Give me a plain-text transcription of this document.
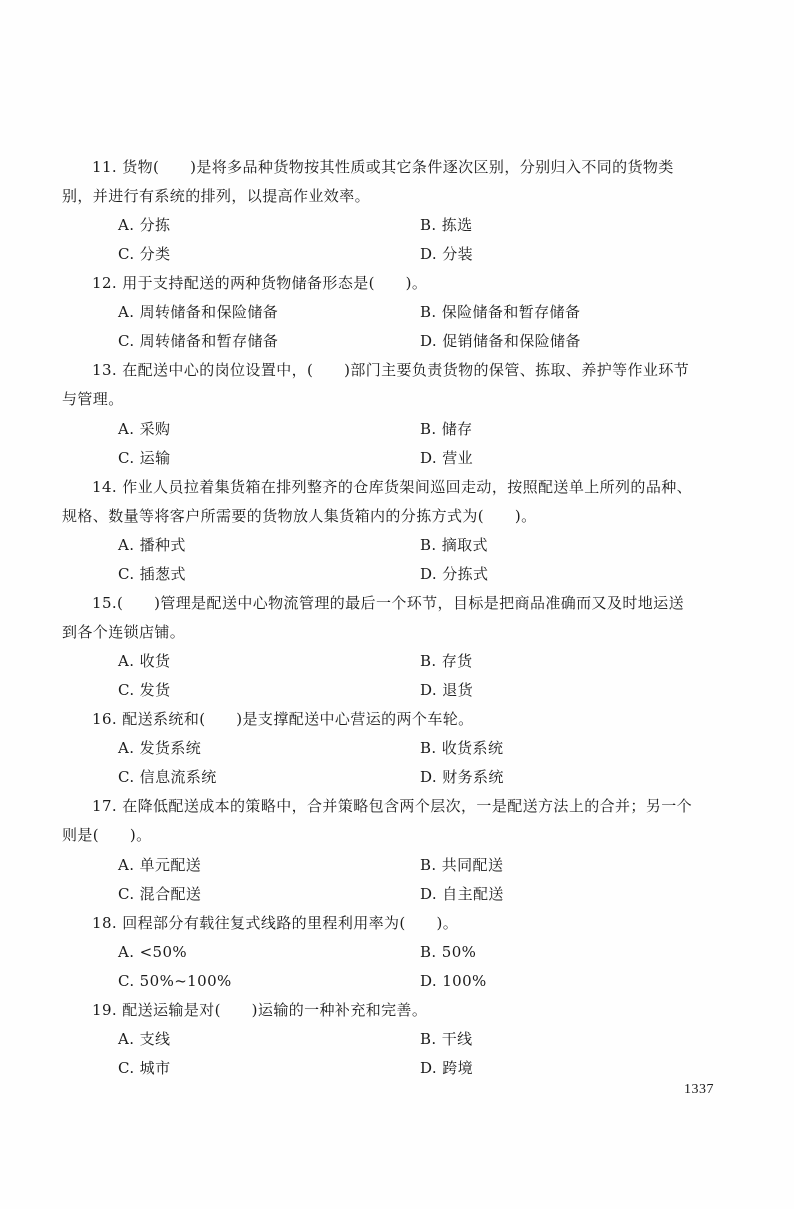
11. 货物(　　)是将多品种货物按其性质或其它条件逐次区别，分别归入不同的货物类
别，并进行有系统的排列，以提高作业效率。
A. 分拣	B. 拣选
C. 分类	D. 分装
12. 用于支持配送的两种货物储备形态是(　　)。
A. 周转储备和保险储备	B. 保险储备和暂存储备
C. 周转储备和暂存储备	D. 促销储备和保险储备
13. 在配送中心的岗位设置中，(　　)部门主要负责货物的保管、拣取、养护等作业环节
与管理。
A. 采购	B. 储存
C. 运输	D. 营业
14. 作业人员拉着集货箱在排列整齐的仓库货架间巡回走动，按照配送单上所列的品种、
规格、数量等将客户所需要的货物放人集货箱内的分拣方式为(　　)。
A. 播种式	B. 摘取式
C. 插葱式	D. 分拣式
15.(　　)管理是配送中心物流管理的最后一个环节，目标是把商品准确而又及时地运送
到各个连锁店铺。
A. 收货	B. 存货
C. 发货	D. 退货
16. 配送系统和(　　)是支撑配送中心营运的两个车轮。
A. 发货系统	B. 收货系统
C. 信息流系统	D. 财务系统
17. 在降低配送成本的策略中，合并策略包含两个层次，一是配送方法上的合并；另一个
则是(　　)。
A. 单元配送	B. 共同配送
C. 混合配送	D. 自主配送
18. 回程部分有载往复式线路的里程利用率为(　　)。
A. <50%	B. 50%
C. 50%~100%	D. 100%
19. 配送运输是对(　　)运输的一种补充和完善。
A. 支线	B. 干线
C. 城市	D. 跨境
1337
